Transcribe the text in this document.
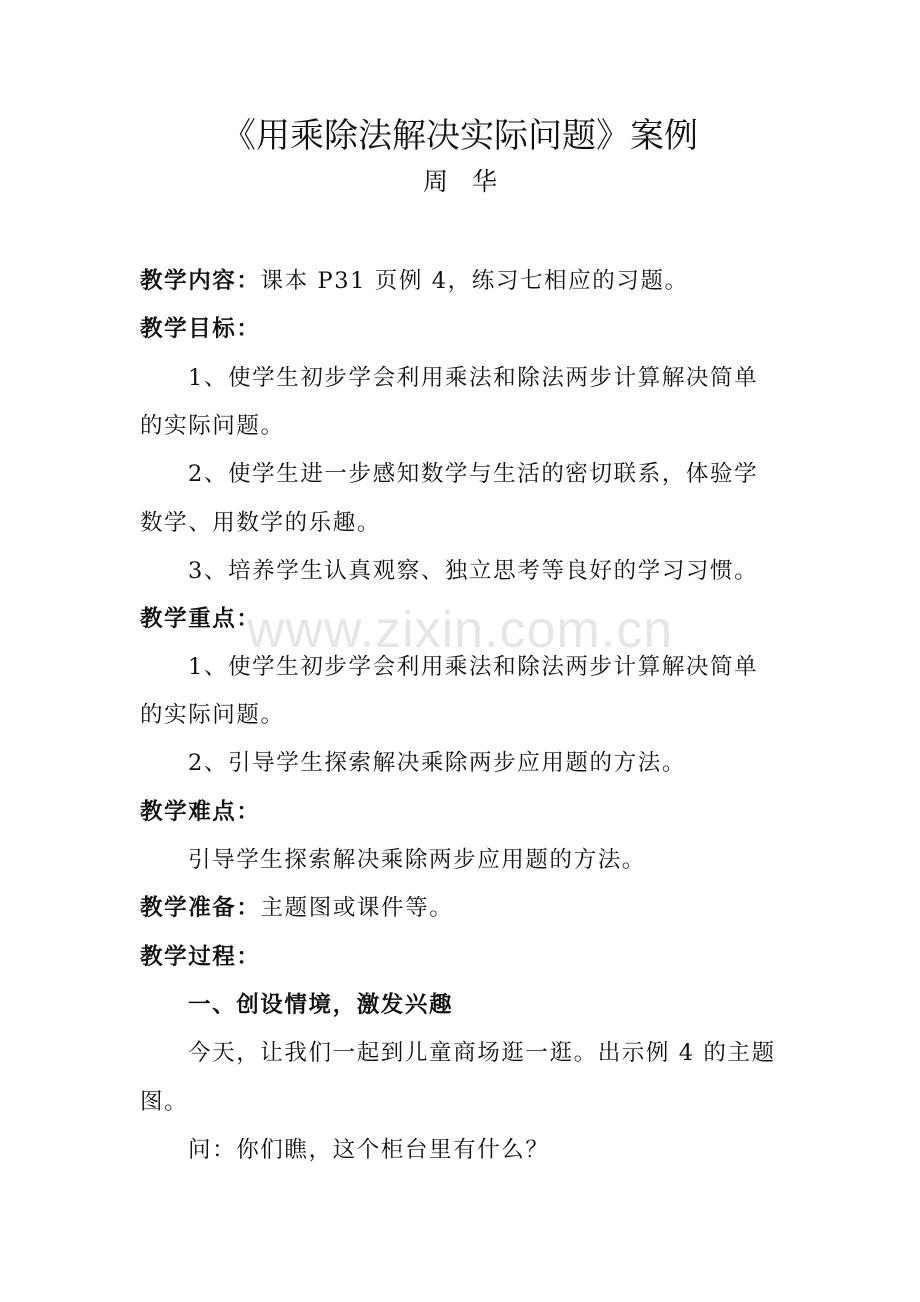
www.zixin.com.cn
《用乘除法解决实际问题》案例
周华
教学内容：课本 P31 页例 4，练习七相应的习题。
教学目标：
1、使学生初步学会利用乘法和除法两步计算解决简单
的实际问题。
2、使学生进一步感知数学与生活的密切联系，体验学
数学、用数学的乐趣。
3、培养学生认真观察、独立思考等良好的学习习惯。
教学重点：
1、使学生初步学会利用乘法和除法两步计算解决简单
的实际问题。
2、引导学生探索解决乘除两步应用题的方法。
教学难点：
引导学生探索解决乘除两步应用题的方法。
教学准备：主题图或课件等。
教学过程：
一、创设情境，激发兴趣
今天，让我们一起到儿童商场逛一逛。出示例 4 的主题
图。
问：你们瞧，这个柜台里有什么？
